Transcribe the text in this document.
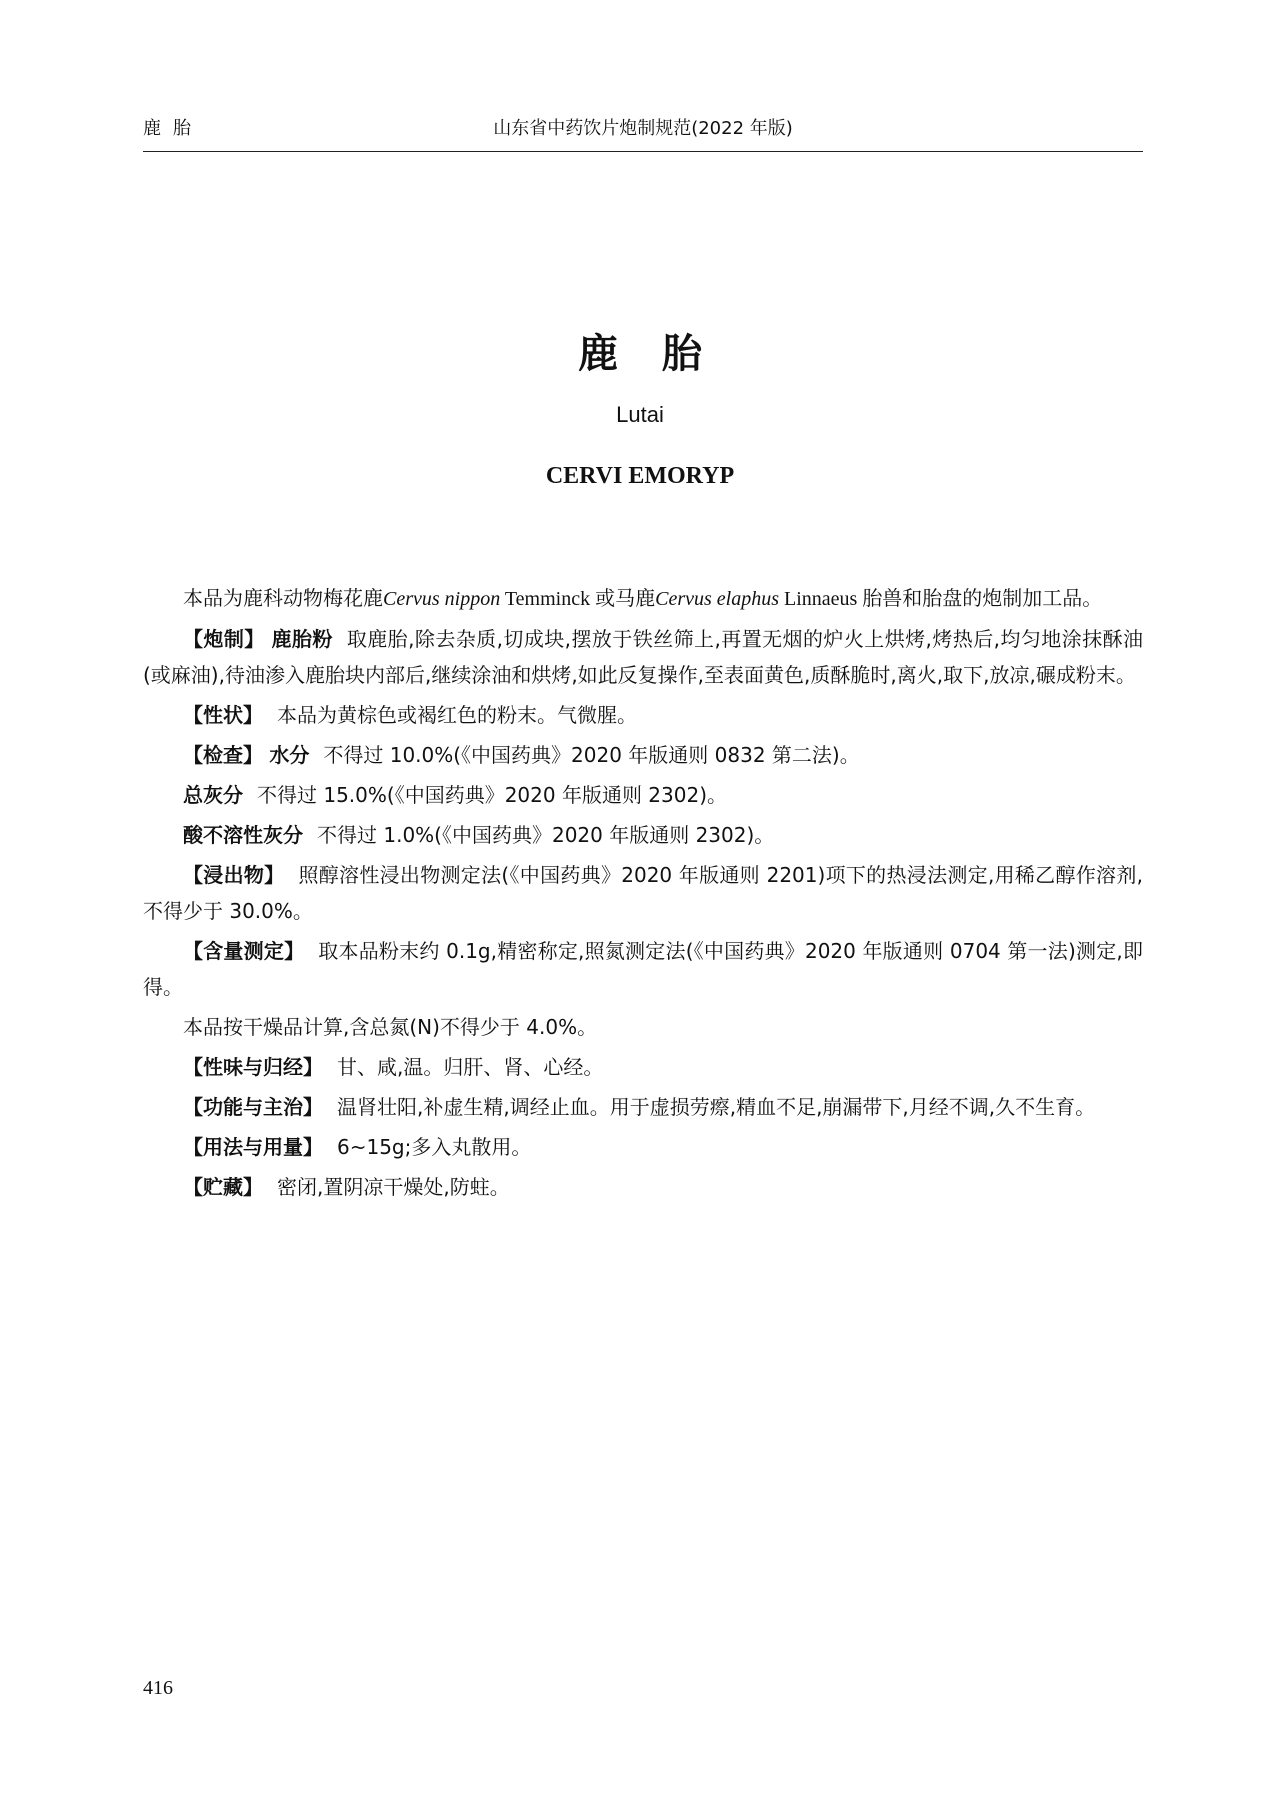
鹿胎	山东省中药饮片炮制规范(2022 年版)
鹿胎
Lutai
CERVI EMORYP

本品为鹿科动物梅花鹿Cervus nippon Temminck 或马鹿Cervus elaphus Linnaeus 胎兽和胎盘的炮制加工品。

【炮制】 鹿胎粉 取鹿胎,除去杂质,切成块,摆放于铁丝筛上,再置无烟的炉火上烘烤,烤热后,均匀地涂抹酥油(或麻油),待油渗入鹿胎块内部后,继续涂油和烘烤,如此反复操作,至表面黄色,质酥脆时,离火,取下,放凉,碾成粉末。

【性状】 本品为黄棕色或褐红色的粉末。气微腥。

【检查】 水分 不得过 10.0%(《中国药典》2020 年版通则 0832 第二法)。

总灰分 不得过 15.0%(《中国药典》2020 年版通则 2302)。

酸不溶性灰分 不得过 1.0%(《中国药典》2020 年版通则 2302)。

【浸出物】 照醇溶性浸出物测定法(《中国药典》2020 年版通则 2201)项下的热浸法测定,用稀乙醇作溶剂,不得少于 30.0%。

【含量测定】 取本品粉末约 0.1g,精密称定,照氮测定法(《中国药典》2020 年版通则 0704 第一法)测定,即得。

本品按干燥品计算,含总氮(N)不得少于 4.0%。

【性味与归经】 甘、咸,温。归肝、肾、心经。

【功能与主治】 温肾壮阳,补虚生精,调经止血。用于虚损劳瘵,精血不足,崩漏带下,月经不调,久不生育。

【用法与用量】 6~15g;多入丸散用。

【贮藏】 密闭,置阴凉干燥处,防蛀。

416
